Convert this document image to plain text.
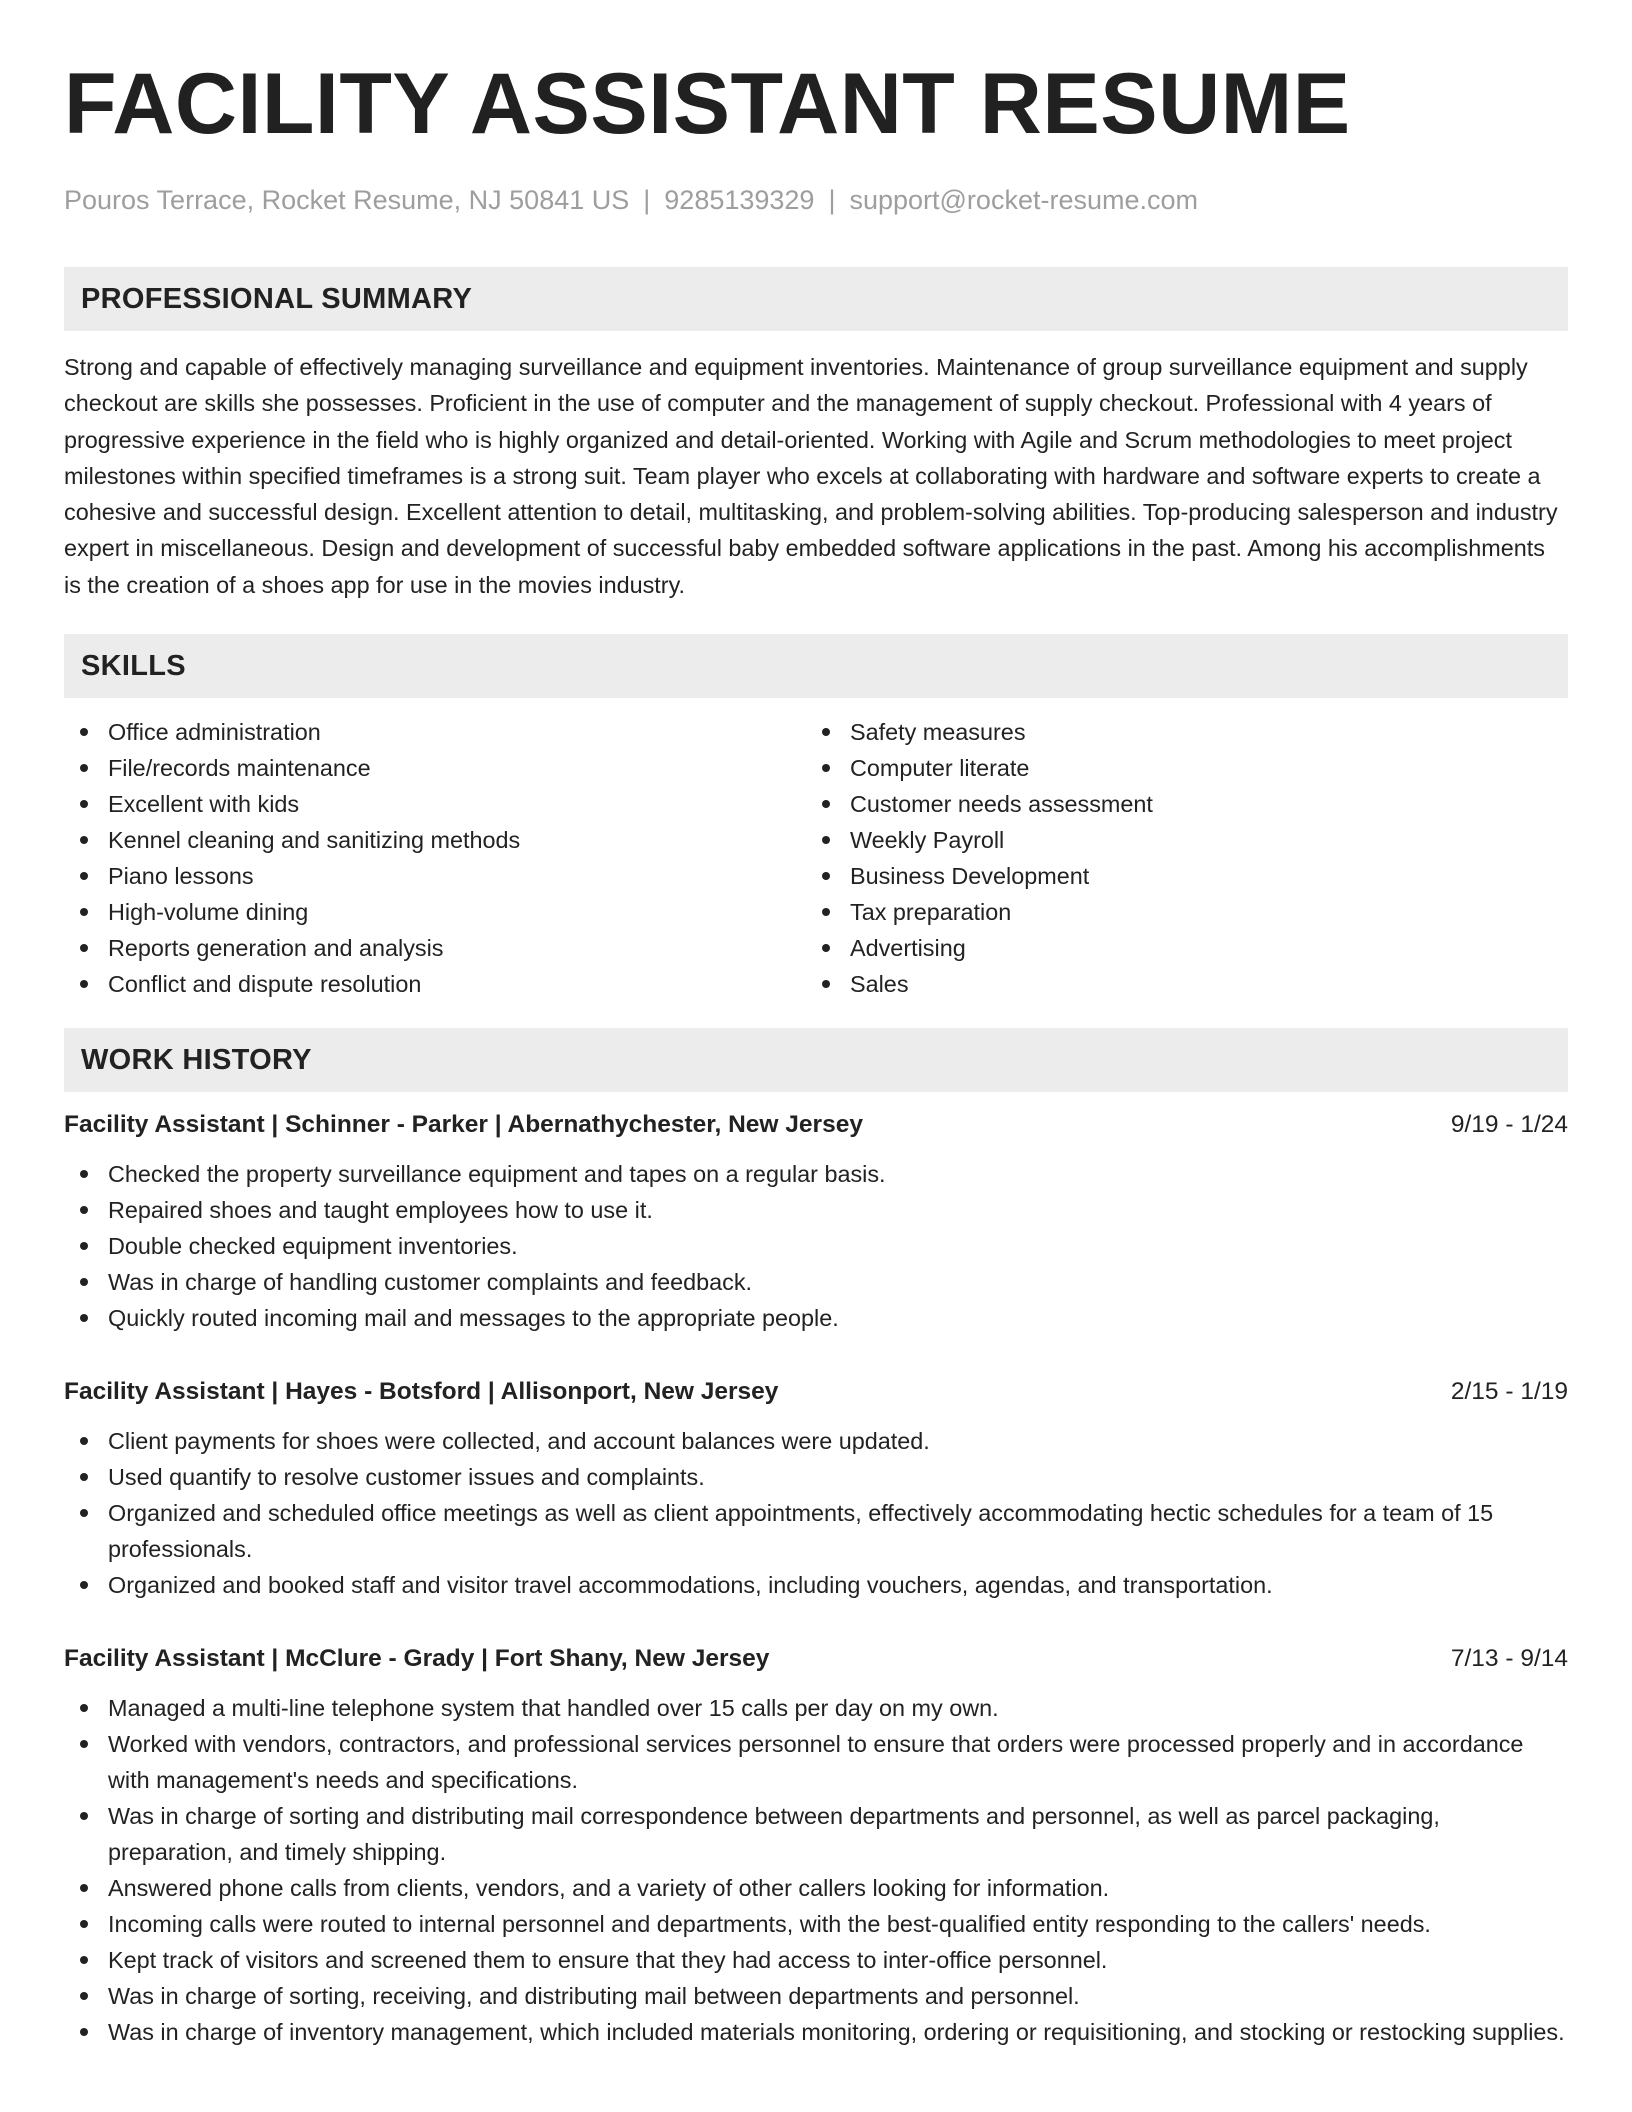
FACILITY ASSISTANT RESUME
Pouros Terrace, Rocket Resume, NJ 50841 US | 9285139329 | support@rocket-resume.com
PROFESSIONAL SUMMARY
Strong and capable of effectively managing surveillance and equipment inventories. Maintenance of group surveillance equipment and supply checkout are skills she possesses. Proficient in the use of computer and the management of supply checkout. Professional with 4 years of progressive experience in the field who is highly organized and detail-oriented. Working with Agile and Scrum methodologies to meet project milestones within specified timeframes is a strong suit. Team player who excels at collaborating with hardware and software experts to create a cohesive and successful design. Excellent attention to detail, multitasking, and problem-solving abilities. Top-producing salesperson and industry expert in miscellaneous. Design and development of successful baby embedded software applications in the past. Among his accomplishments is the creation of a shoes app for use in the movies industry.
SKILLS
Office administration
File/records maintenance
Excellent with kids
Kennel cleaning and sanitizing methods
Piano lessons
High-volume dining
Reports generation and analysis
Conflict and dispute resolution
Safety measures
Computer literate
Customer needs assessment
Weekly Payroll
Business Development
Tax preparation
Advertising
Sales
WORK HISTORY
Facility Assistant | Schinner - Parker | Abernathychester, New Jersey	9/19 - 1/24
Checked the property surveillance equipment and tapes on a regular basis.
Repaired shoes and taught employees how to use it.
Double checked equipment inventories.
Was in charge of handling customer complaints and feedback.
Quickly routed incoming mail and messages to the appropriate people.
Facility Assistant | Hayes - Botsford | Allisonport, New Jersey	2/15 - 1/19
Client payments for shoes were collected, and account balances were updated.
Used quantify to resolve customer issues and complaints.
Organized and scheduled office meetings as well as client appointments, effectively accommodating hectic schedules for a team of 15 professionals.
Organized and booked staff and visitor travel accommodations, including vouchers, agendas, and transportation.
Facility Assistant | McClure - Grady | Fort Shany, New Jersey	7/13 - 9/14
Managed a multi-line telephone system that handled over 15 calls per day on my own.
Worked with vendors, contractors, and professional services personnel to ensure that orders were processed properly and in accordance with management's needs and specifications.
Was in charge of sorting and distributing mail correspondence between departments and personnel, as well as parcel packaging, preparation, and timely shipping.
Answered phone calls from clients, vendors, and a variety of other callers looking for information.
Incoming calls were routed to internal personnel and departments, with the best-qualified entity responding to the callers' needs.
Kept track of visitors and screened them to ensure that they had access to inter-office personnel.
Was in charge of sorting, receiving, and distributing mail between departments and personnel.
Was in charge of inventory management, which included materials monitoring, ordering or requisitioning, and stocking or restocking supplies.
